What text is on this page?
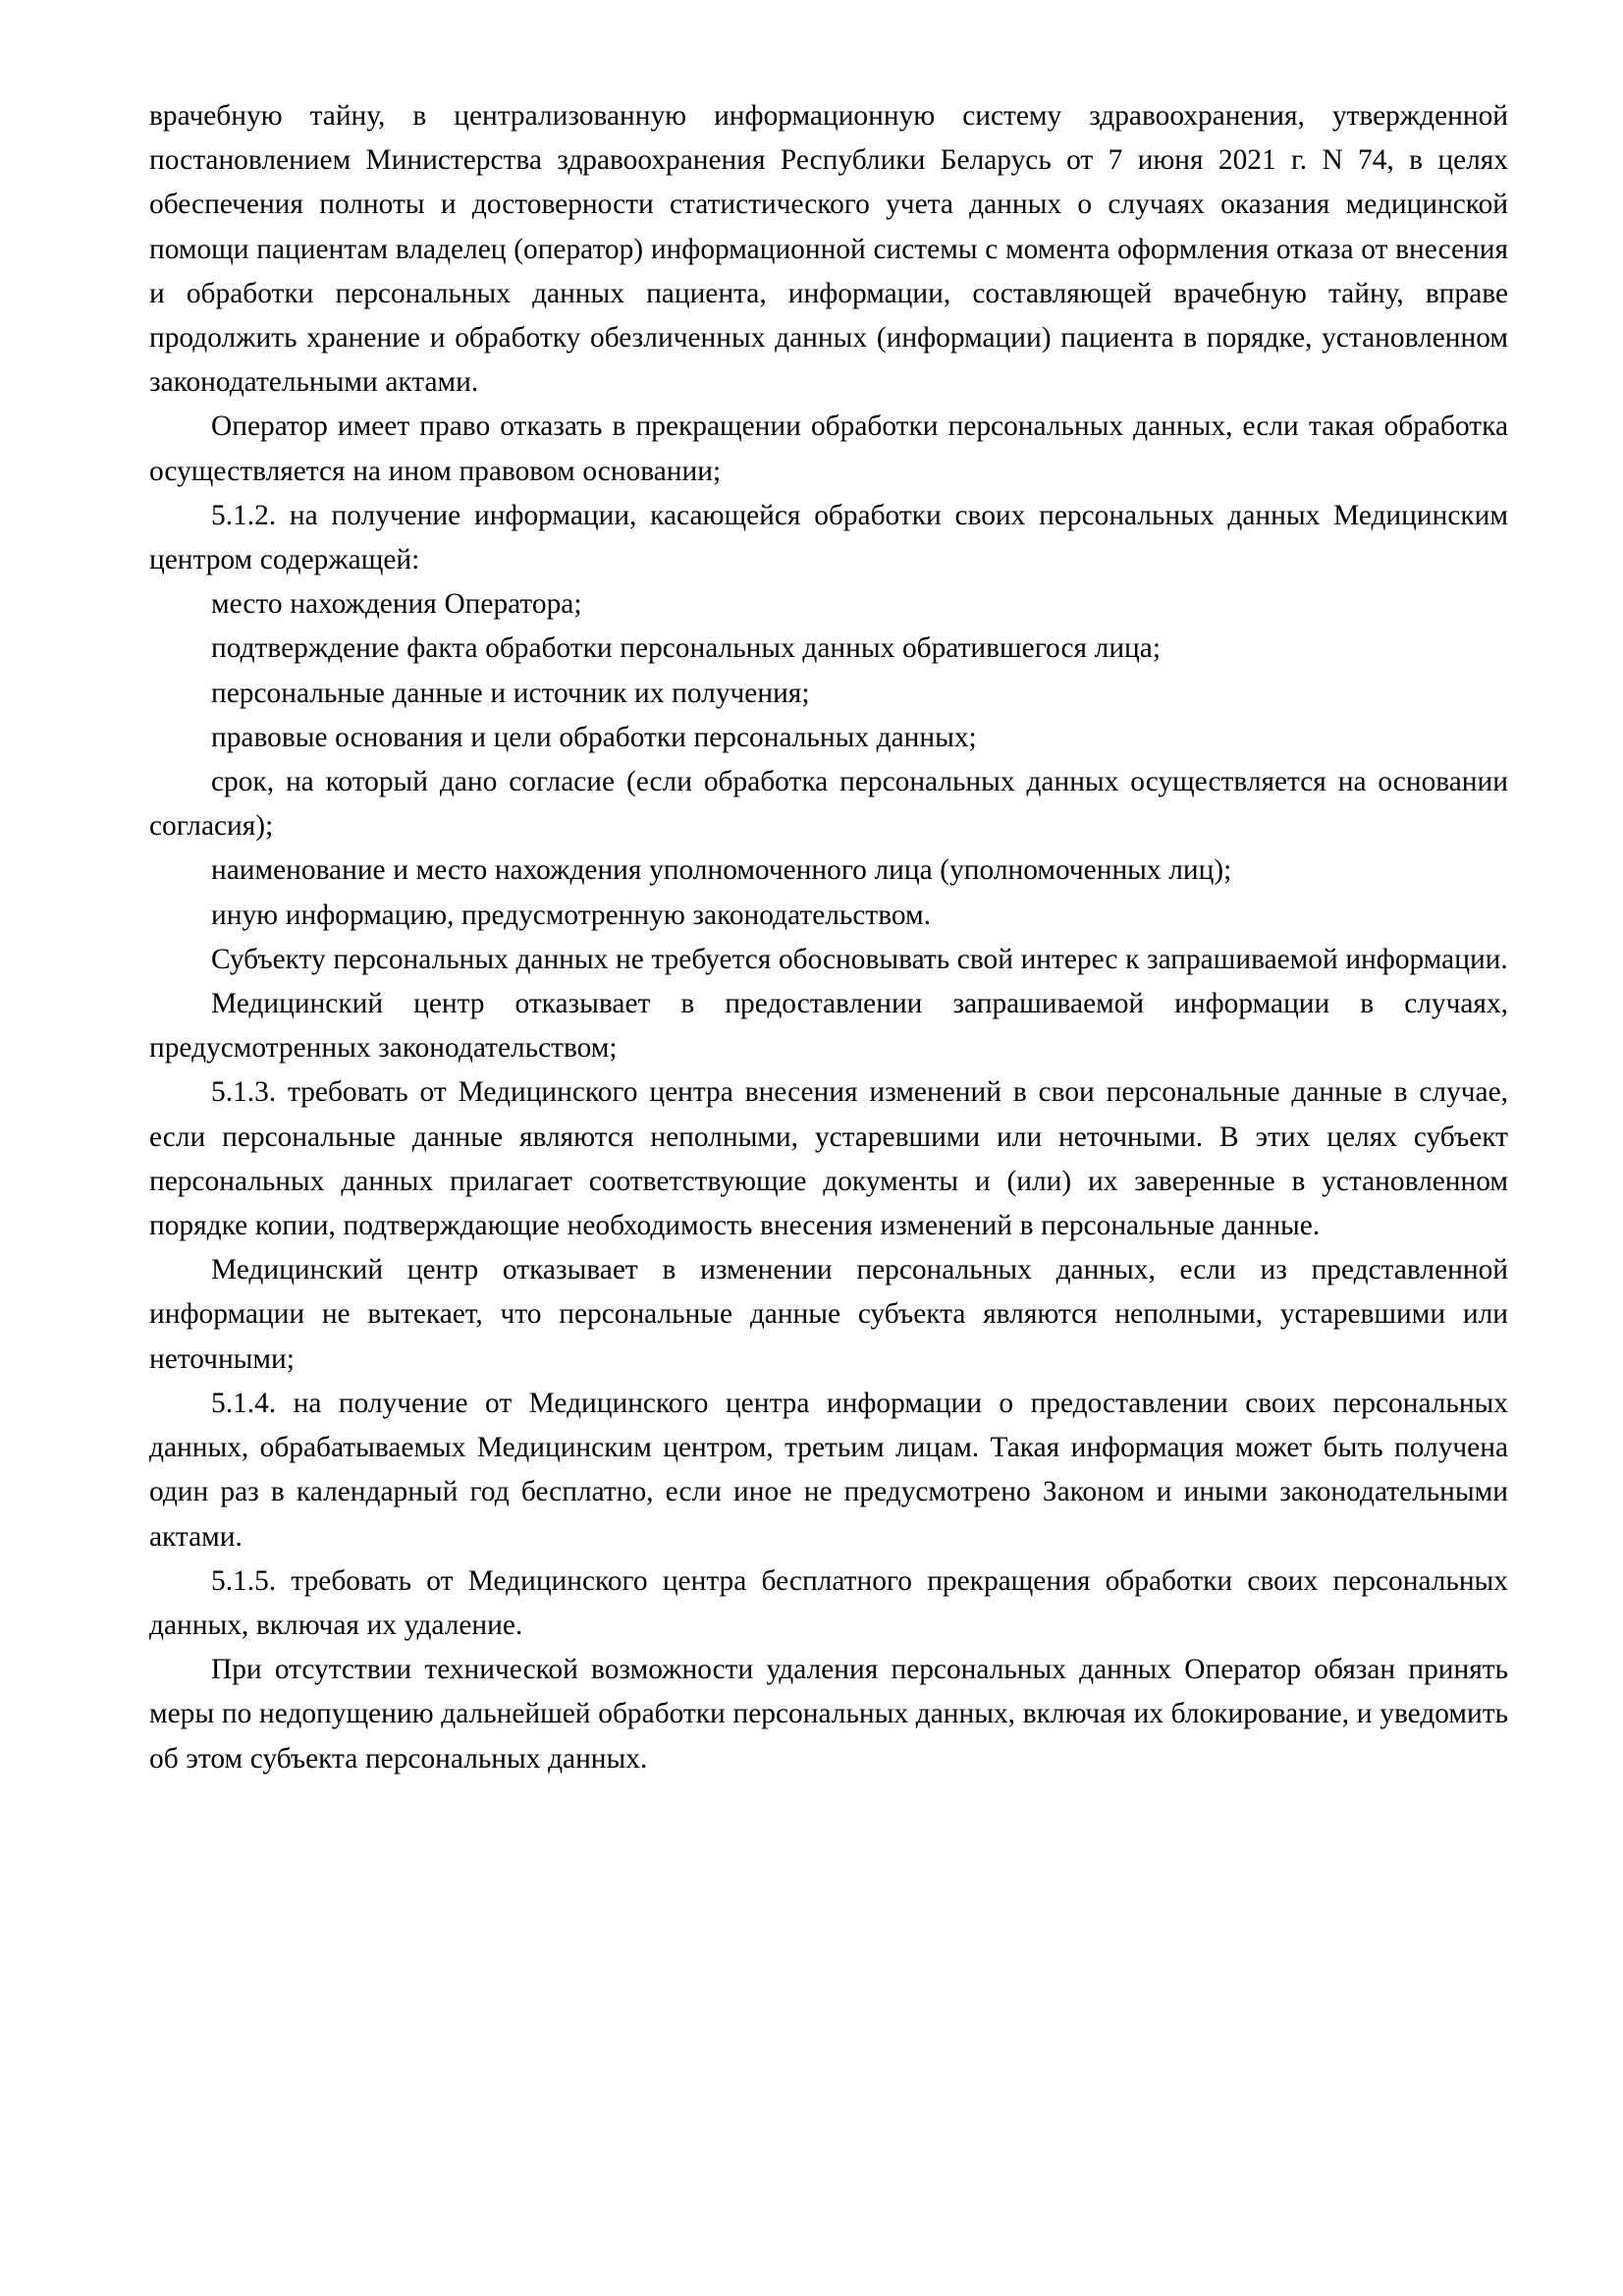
врачебную тайну, в централизованную информационную систему здравоохранения, утвержденной постановлением Министерства здравоохранения Республики Беларусь от 7 июня 2021 г. N 74, в целях обеспечения полноты и достоверности статистического учета данных о случаях оказания медицинской помощи пациентам владелец (оператор) информационной системы с момента оформления отказа от внесения и обработки персональных данных пациента, информации, составляющей врачебную тайну, вправе продолжить хранение и обработку обезличенных данных (информации) пациента в порядке, установленном законодательными актами.

Оператор имеет право отказать в прекращении обработки персональных данных, если такая обработка осуществляется на ином правовом основании;

5.1.2. на получение информации, касающейся обработки своих персональных данных Медицинским центром содержащей:

место нахождения Оператора;

подтверждение факта обработки персональных данных обратившегося лица;

персональные данные и источник их получения;

правовые основания и цели обработки персональных данных;

срок, на который дано согласие (если обработка персональных данных осуществляется на основании согласия);

наименование и место нахождения уполномоченного лица (уполномоченных лиц);

иную информацию, предусмотренную законодательством.

Субъекту персональных данных не требуется обосновывать свой интерес к запрашиваемой информации.

Медицинский центр отказывает в предоставлении запрашиваемой информации в случаях, предусмотренных законодательством;

5.1.3. требовать от Медицинского центра внесения изменений в свои персональные данные в случае, если персональные данные являются неполными, устаревшими или неточными. В этих целях субъект персональных данных прилагает соответствующие документы и (или) их заверенные в установленном порядке копии, подтверждающие необходимость внесения изменений в персональные данные.

Медицинский центр отказывает в изменении персональных данных, если из представленной информации не вытекает, что персональные данные субъекта являются неполными, устаревшими или неточными;

5.1.4. на получение от Медицинского центра информации о предоставлении своих персональных данных, обрабатываемых Медицинским центром, третьим лицам. Такая информация может быть получена один раз в календарный год бесплатно, если иное не предусмотрено Законом и иными законодательными актами.

5.1.5. требовать от Медицинского центра бесплатного прекращения обработки своих персональных данных, включая их удаление.

При отсутствии технической возможности удаления персональных данных Оператор обязан принять меры по недопущению дальнейшей обработки персональных данных, включая их блокирование, и уведомить об этом субъекта персональных данных.
